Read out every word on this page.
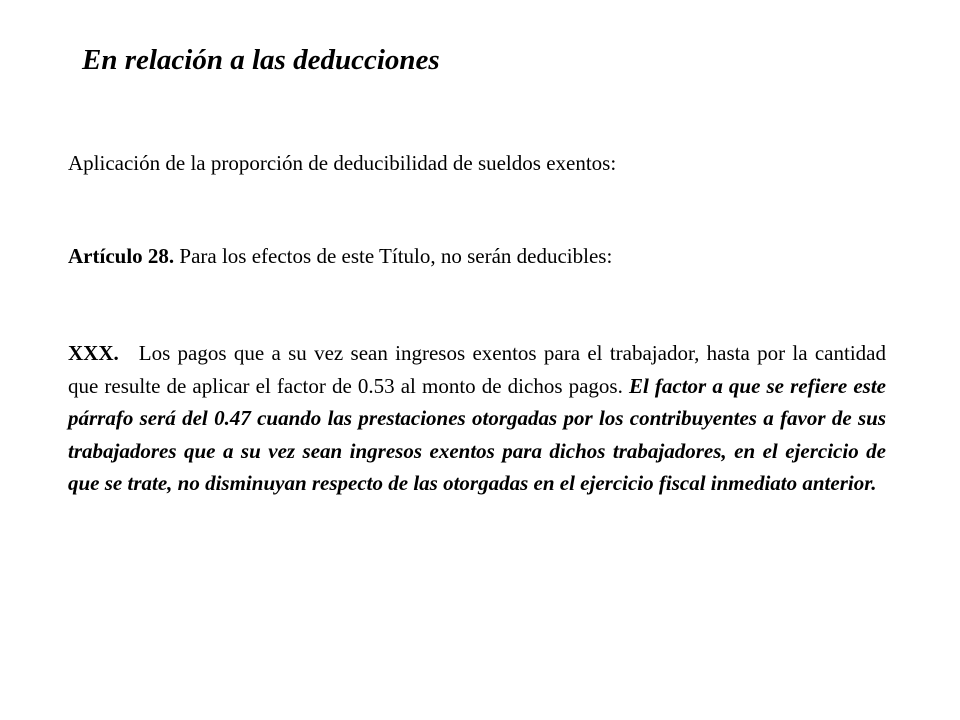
En relación a las deducciones

Aplicación de la proporción de deducibilidad de sueldos exentos:

Artículo 28. Para los efectos de este Título, no serán deducibles:

XXX. Los pagos que a su vez sean ingresos exentos para el trabajador, hasta por la cantidad que resulte de aplicar el factor de 0.53 al monto de dichos pagos. El factor a que se refiere este párrafo será del 0.47 cuando las prestaciones otorgadas por los contribuyentes a favor de sus trabajadores que a su vez sean ingresos exentos para dichos trabajadores, en el ejercicio de que se trate, no disminuyan respecto de las otorgadas en el ejercicio fiscal inmediato anterior.
